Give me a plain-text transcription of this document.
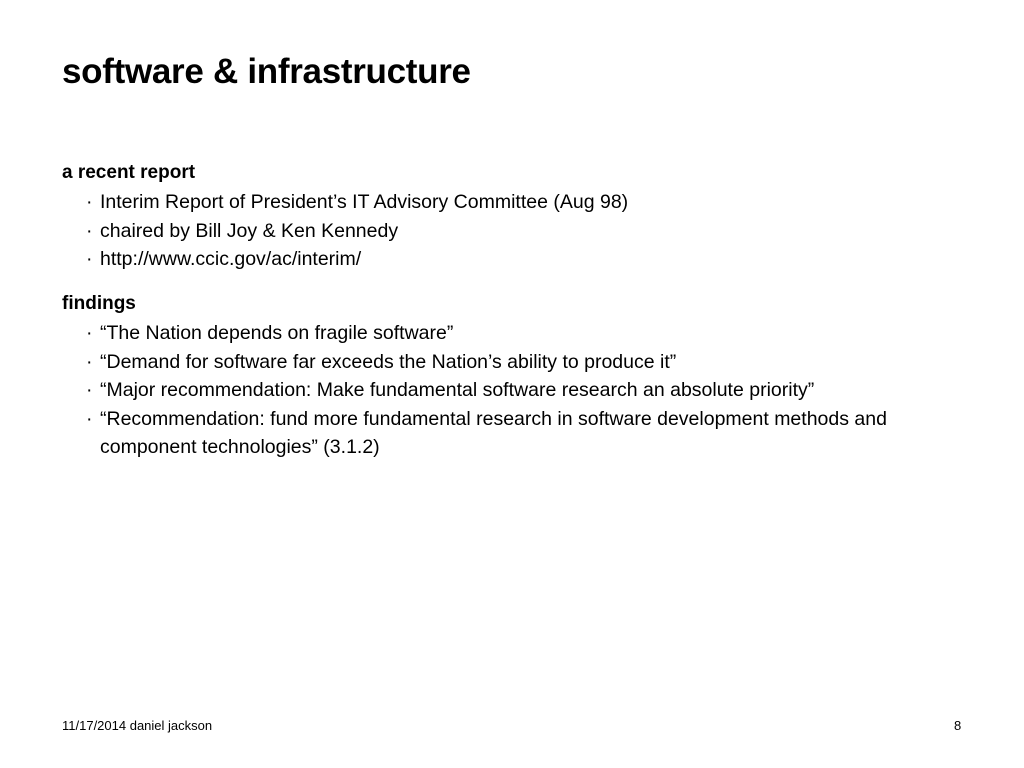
software & infrastructure
a recent report
· Interim Report of President’s IT Advisory Committee (Aug 98)
· chaired by Bill Joy & Ken Kennedy
· http://www.ccic.gov/ac/interim/
findings
· “The Nation depends on fragile software”
· “Demand for software far exceeds the Nation’s ability to produce it”
· “Major recommendation: Make fundamental software research an absolute priority”
· “Recommendation: fund more fundamental research in software development methods and component technologies” (3.1.2)
11/17/2014 daniel jackson	8
